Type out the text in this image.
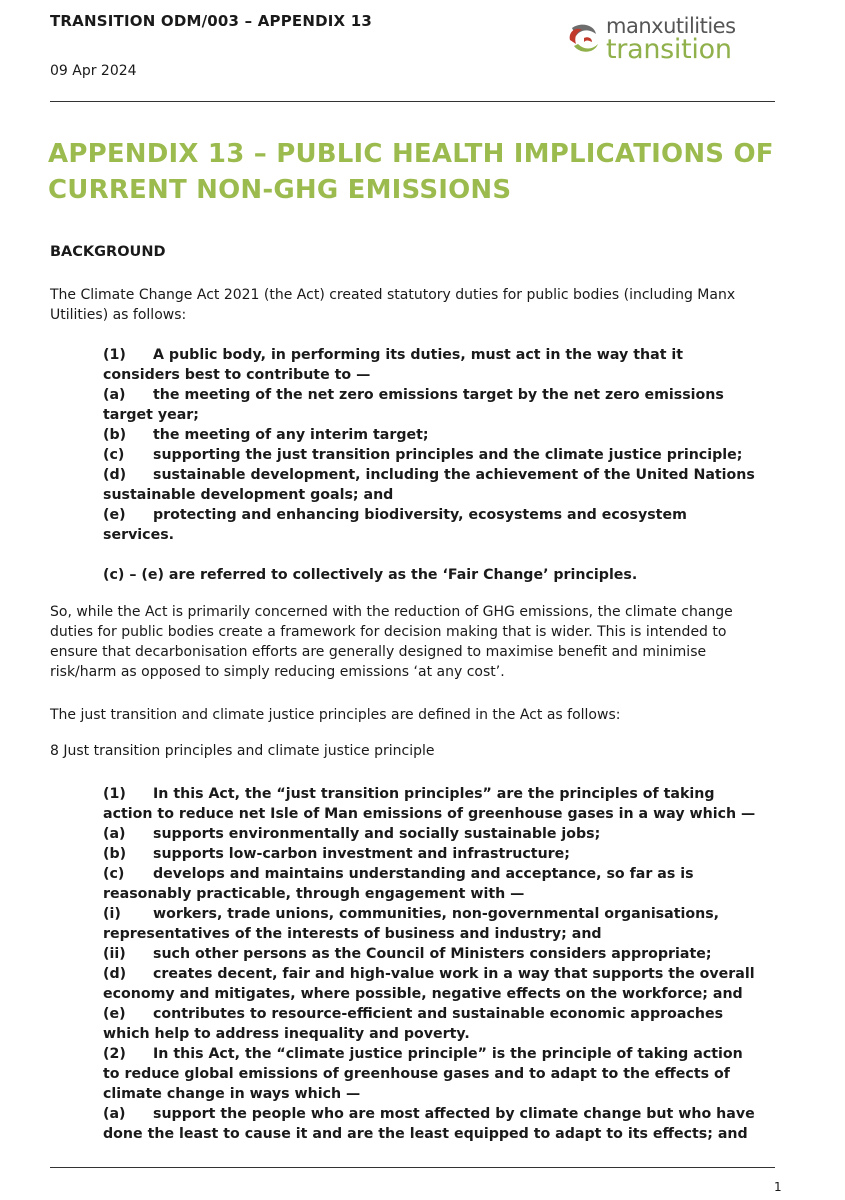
TRANSITION ODM/003 – APPENDIX 13
09 Apr 2024
manxutilities
transition
APPENDIX 13 – PUBLIC HEALTH IMPLICATIONS OF
CURRENT NON-GHG EMISSIONS
BACKGROUND
The Climate Change Act 2021 (the Act) created statutory duties for public bodies (including Manx
Utilities) as follows:
(1) A public body, in performing its duties, must act in the way that it
considers best to contribute to —
(a) the meeting of the net zero emissions target by the net zero emissions
target year;
(b) the meeting of any interim target;
(c) supporting the just transition principles and the climate justice principle;
(d) sustainable development, including the achievement of the United Nations
sustainable development goals; and
(e) protecting and enhancing biodiversity, ecosystems and ecosystem
services.
(c) – (e) are referred to collectively as the ‘Fair Change’ principles.
So, while the Act is primarily concerned with the reduction of GHG emissions, the climate change
duties for public bodies create a framework for decision making that is wider. This is intended to
ensure that decarbonisation efforts are generally designed to maximise benefit and minimise
risk/harm as opposed to simply reducing emissions ‘at any cost’.
The just transition and climate justice principles are defined in the Act as follows:
8 Just transition principles and climate justice principle
(1) In this Act, the “just transition principles” are the principles of taking
action to reduce net Isle of Man emissions of greenhouse gases in a way which —
(a) supports environmentally and socially sustainable jobs;
(b) supports low-carbon investment and infrastructure;
(c) develops and maintains understanding and acceptance, so far as is
reasonably practicable, through engagement with —
(i) workers, trade unions, communities, non-governmental organisations,
representatives of the interests of business and industry; and
(ii) such other persons as the Council of Ministers considers appropriate;
(d) creates decent, fair and high-value work in a way that supports the overall
economy and mitigates, where possible, negative effects on the workforce; and
(e) contributes to resource-efficient and sustainable economic approaches
which help to address inequality and poverty.
(2) In this Act, the “climate justice principle” is the principle of taking action
to reduce global emissions of greenhouse gases and to adapt to the effects of
climate change in ways which —
(a) support the people who are most affected by climate change but who have
done the least to cause it and are the least equipped to adapt to its effects; and
1
